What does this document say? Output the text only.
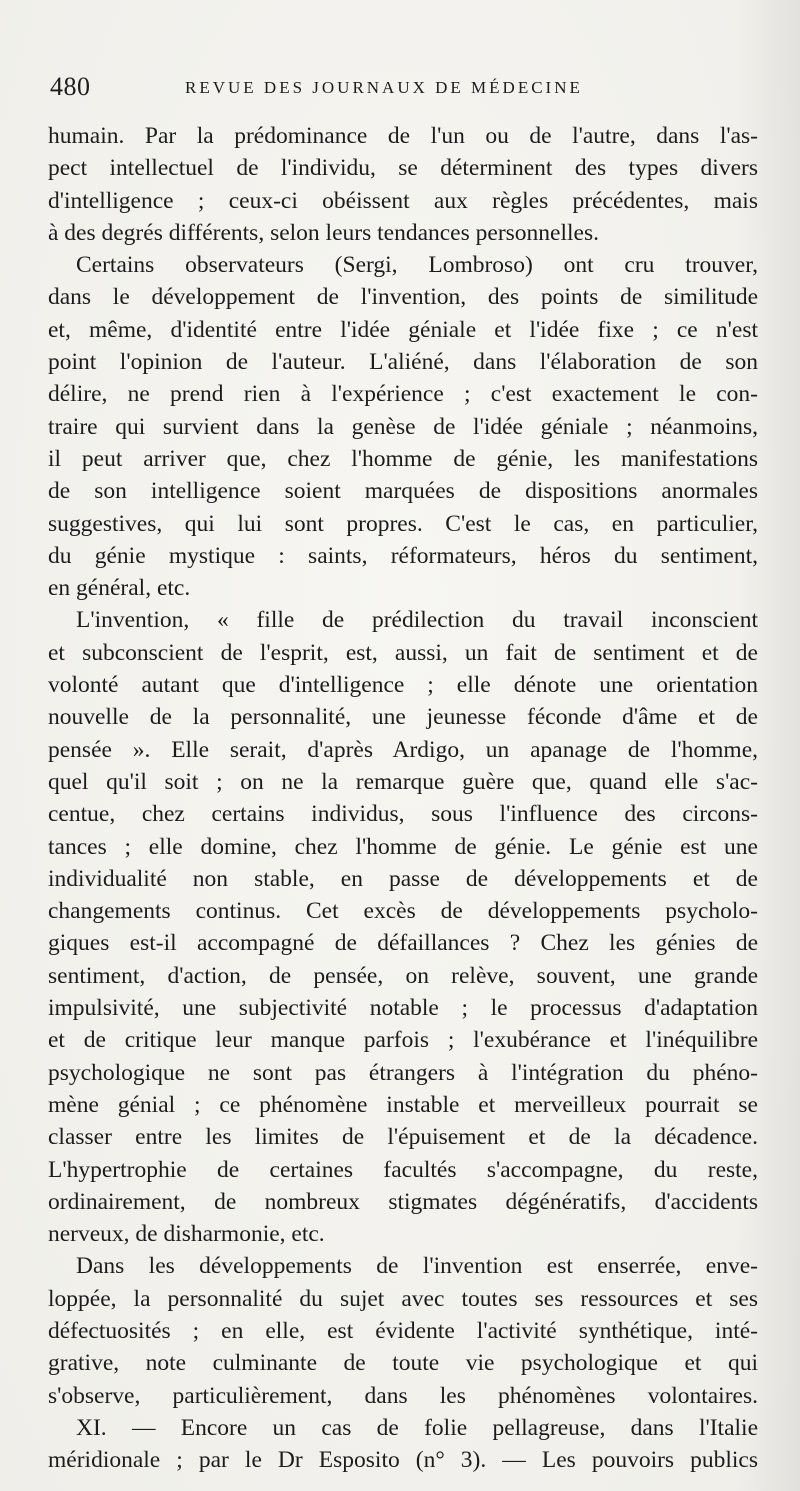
480	REVUE DES JOURNAUX DE MÉDECINE
humain. Par la prédominance de l'un ou de l'autre, dans l'as-
pect intellectuel de l'individu, se déterminent des types divers
d'intelligence ; ceux-ci obéissent aux règles précédentes, mais
à des degrés différents, selon leurs tendances personnelles.
Certains observateurs (Sergi, Lombroso) ont cru trouver,
dans le développement de l'invention, des points de similitude
et, même, d'identité entre l'idée géniale et l'idée fixe ; ce n'est
point l'opinion de l'auteur. L'aliéné, dans l'élaboration de son
délire, ne prend rien à l'expérience ; c'est exactement le con-
traire qui survient dans la genèse de l'idée géniale ; néanmoins,
il peut arriver que, chez l'homme de génie, les manifestations
de son intelligence soient marquées de dispositions anormales
suggestives, qui lui sont propres. C'est le cas, en particulier,
du génie mystique : saints, réformateurs, héros du sentiment,
en général, etc.
L'invention, « fille de prédilection du travail inconscient
et subconscient de l'esprit, est, aussi, un fait de sentiment et de
volonté autant que d'intelligence ; elle dénote une orientation
nouvelle de la personnalité, une jeunesse féconde d'âme et de
pensée ». Elle serait, d'après Ardigo, un apanage de l'homme,
quel qu'il soit ; on ne la remarque guère que, quand elle s'ac-
centue, chez certains individus, sous l'influence des circons-
tances ; elle domine, chez l'homme de génie. Le génie est une
individualité non stable, en passe de développements et de
changements continus. Cet excès de développements psycholo-
giques est-il accompagné de défaillances ? Chez les génies de
sentiment, d'action, de pensée, on relève, souvent, une grande
impulsivité, une subjectivité notable ; le processus d'adaptation
et de critique leur manque parfois ; l'exubérance et l'inéquilibre
psychologique ne sont pas étrangers à l'intégration du phéno-
mène génial ; ce phénomène instable et merveilleux pourrait se
classer entre les limites de l'épuisement et de la décadence.
L'hypertrophie de certaines facultés s'accompagne, du reste,
ordinairement, de nombreux stigmates dégénératifs, d'accidents
nerveux, de disharmonie, etc.
Dans les développements de l'invention est enserrée, enve-
loppée, la personnalité du sujet avec toutes ses ressources et ses
défectuosités ; en elle, est évidente l'activité synthétique, inté-
grative, note culminante de toute vie psychologique et qui
s'observe, particulièrement, dans les phénomènes volontaires.
XI. — Encore un cas de folie pellagreuse, dans l'Italie
méridionale ; par le Dr Esposito (n° 3). — Les pouvoirs publics
